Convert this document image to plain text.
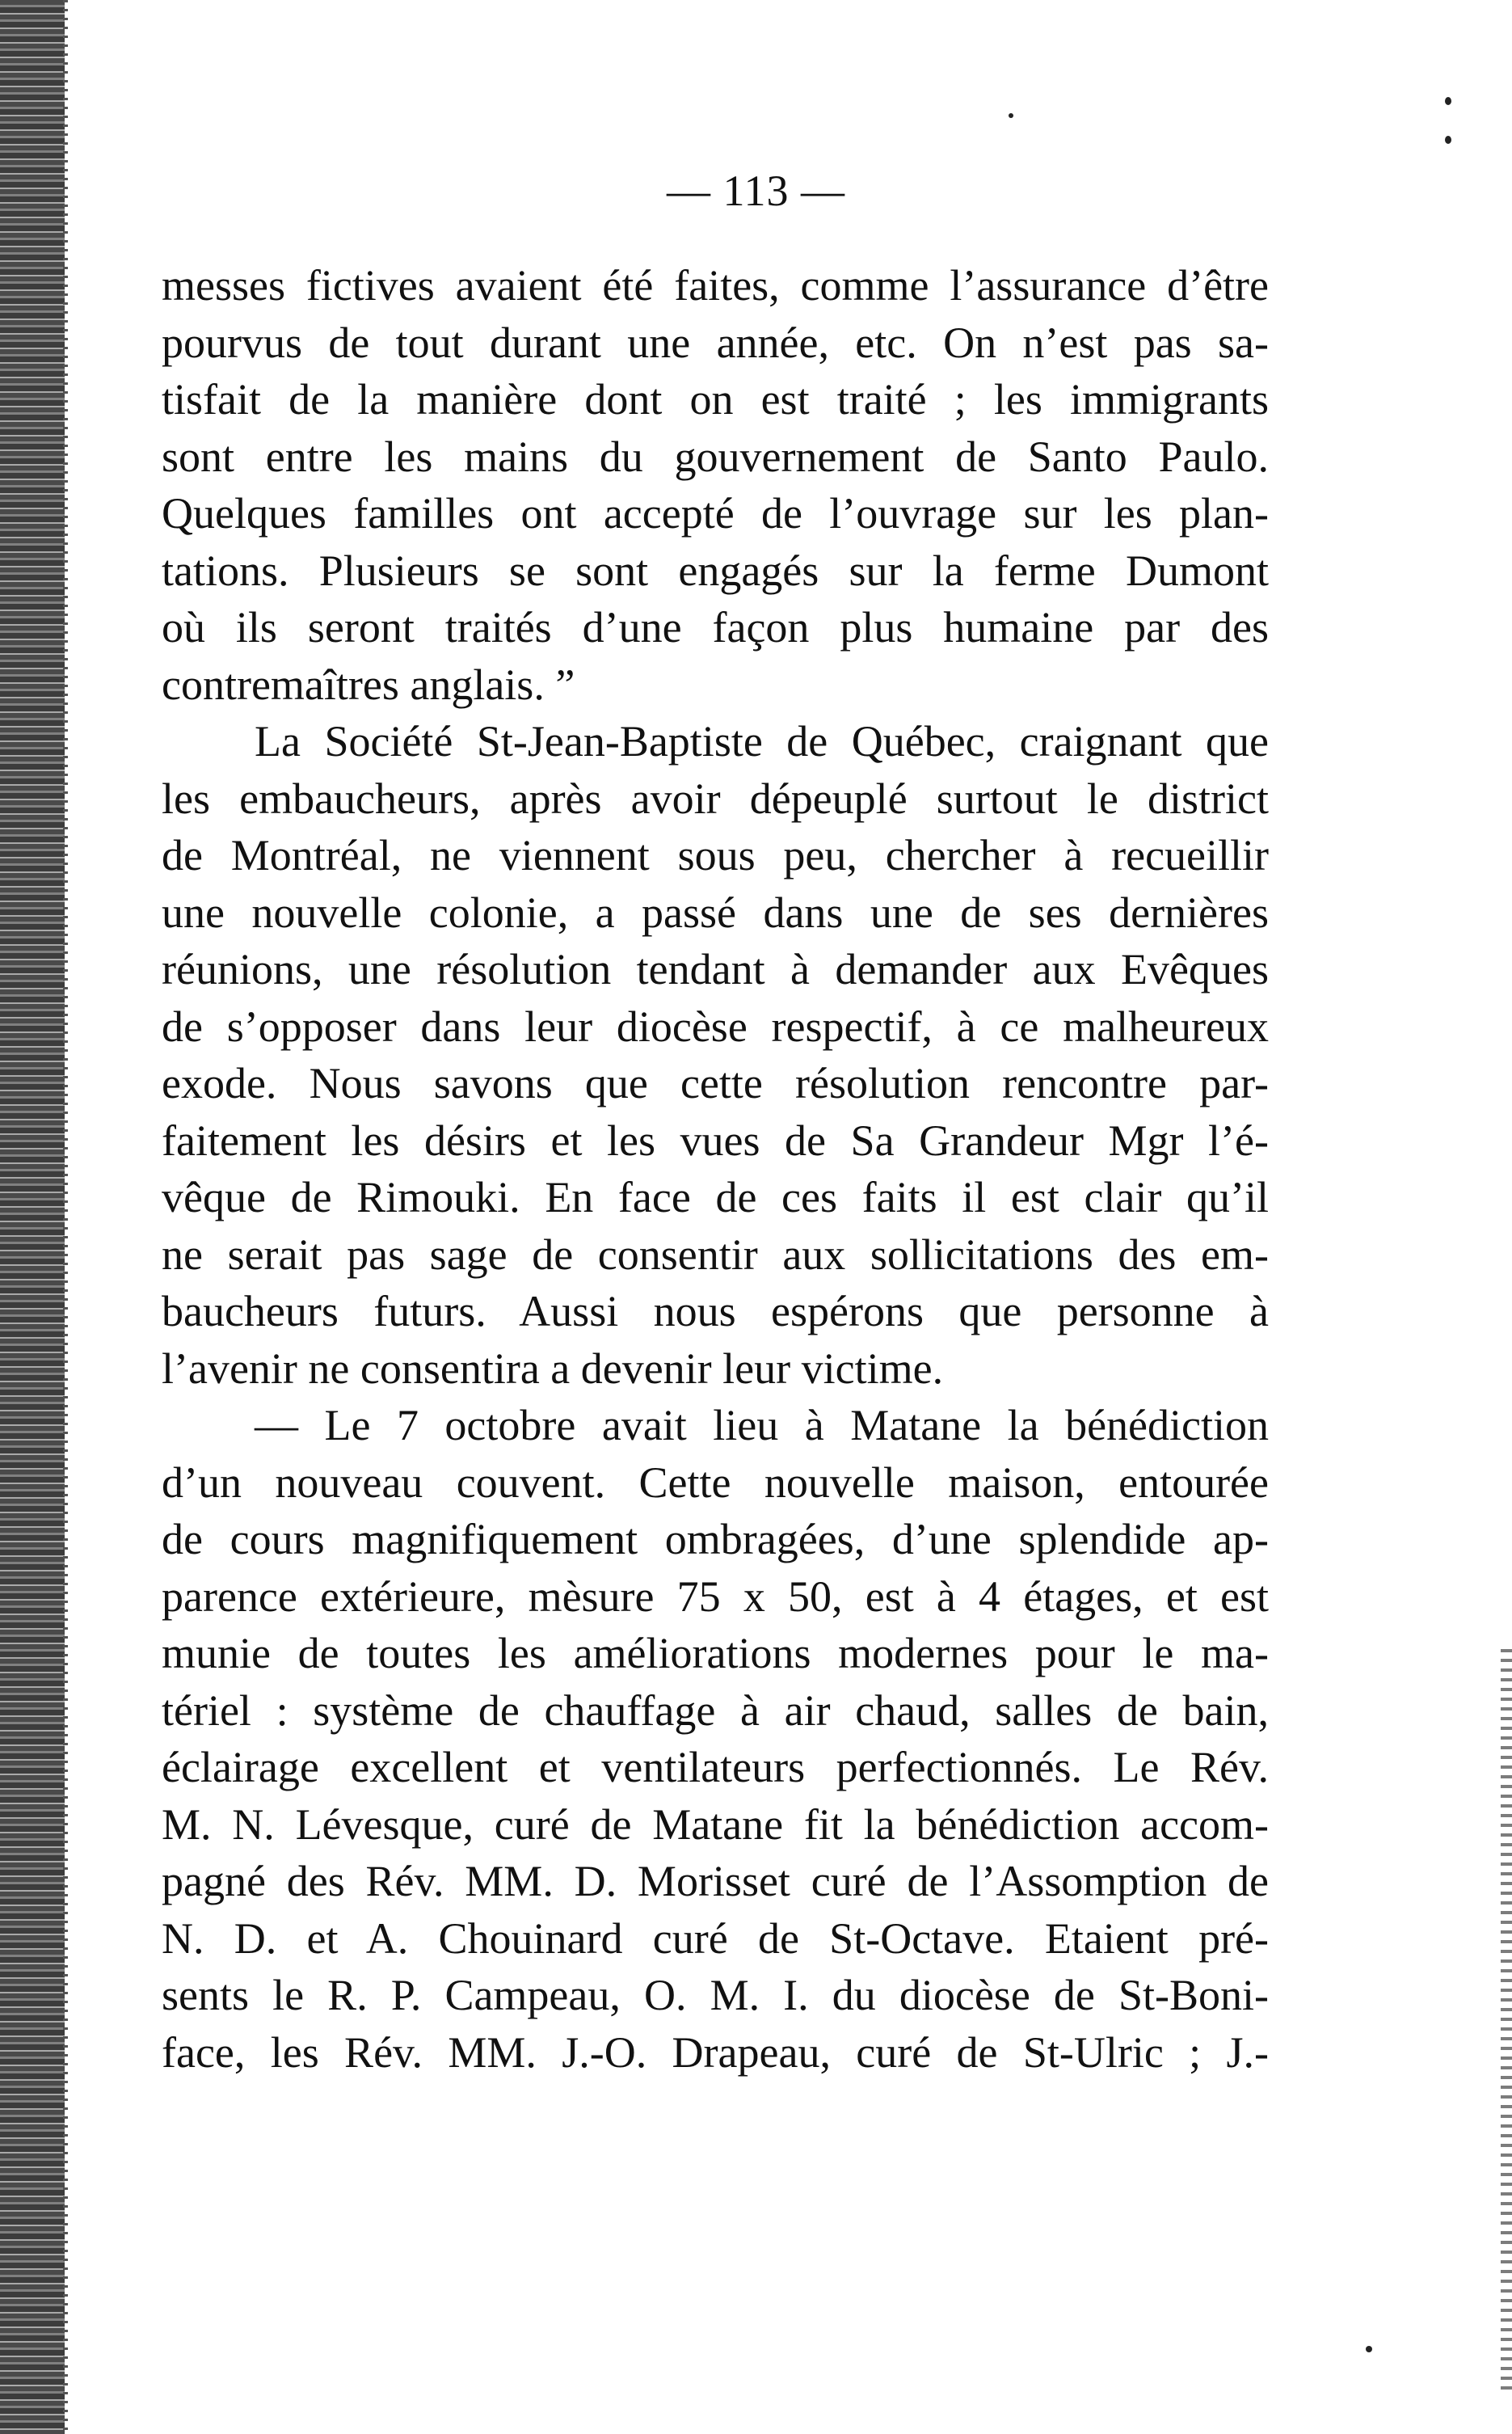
— 113 —
messes fictives avaient été faites, comme l’assurance d’être
pourvus de tout durant une année, etc. On n’est pas sa-
tisfait de la manière dont on est traité ; les immigrants
sont entre les mains du gouvernement de Santo Paulo.
Quelques familles ont accepté de l’ouvrage sur les plan-
tations. Plusieurs se sont engagés sur la ferme Dumont
où ils seront traités d’une façon plus humaine par des
contremaîtres anglais. ”
La Société St-Jean-Baptiste de Québec, craignant que
les embaucheurs, après avoir dépeuplé surtout le district
de Montréal, ne viennent sous peu, chercher à recueillir
une nouvelle colonie, a passé dans une de ses dernières
réunions, une résolution tendant à demander aux Evêques
de s’opposer dans leur diocèse respectif, à ce malheureux
exode. Nous savons que cette résolution rencontre par-
faitement les désirs et les vues de Sa Grandeur Mgr l’é-
vêque de Rimouki. En face de ces faits il est clair qu’il
ne serait pas sage de consentir aux sollicitations des em-
baucheurs futurs. Aussi nous espérons que personne à
l’avenir ne consentira a devenir leur victime.
— Le 7 octobre avait lieu à Matane la bénédiction
d’un nouveau couvent. Cette nouvelle maison, entourée
de cours magnifiquement ombragées, d’une splendide ap-
parence extérieure, mèsure 75 x 50, est à 4 étages, et est
munie de toutes les améliorations modernes pour le ma-
tériel : système de chauffage à air chaud, salles de bain,
éclairage excellent et ventilateurs perfectionnés. Le Rév.
M. N. Lévesque, curé de Matane fit la bénédiction accom-
pagné des Rév. MM. D. Morisset curé de l’Assomption de
N. D. et A. Chouinard curé de St-Octave. Etaient pré-
sents le R. P. Campeau, O. M. I. du diocèse de St-Boni-
face, les Rév. MM. J.-O. Drapeau, curé de St-Ulric ; J.-
